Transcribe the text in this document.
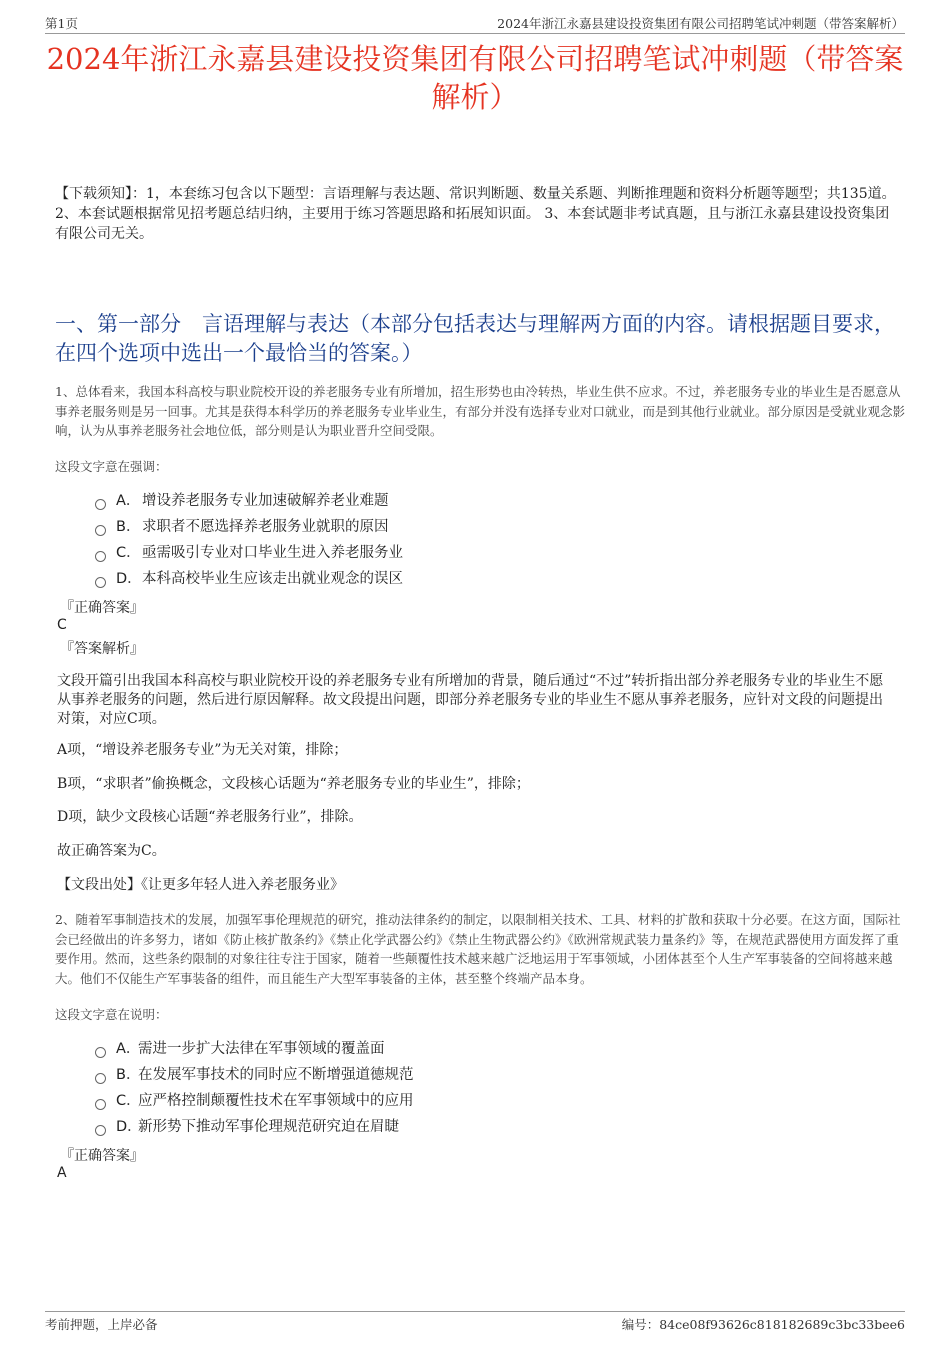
第1页	2024年浙江永嘉县建设投资集团有限公司招聘笔试冲刺题（带答案解析）
2024年浙江永嘉县建设投资集团有限公司招聘笔试冲刺题（带答案解析）
【下载须知】：1，本套练习包含以下题型：言语理解与表达题、常识判断题、数量关系题、判断推理题和资料分析题等题型；共135道。 2、本套试题根据常见招考题总结归纳，主要用于练习答题思路和拓展知识面。 3、本套试题非考试真题，且与浙江永嘉县建设投资集团有限公司无关。
一、第一部分　言语理解与表达（本部分包括表达与理解两方面的内容。请根据题目要求，在四个选项中选出一个最恰当的答案。）
1、总体看来，我国本科高校与职业院校开设的养老服务专业有所增加，招生形势也由冷转热，毕业生供不应求。不过，养老服务专业的毕业生是否愿意从事养老服务则是另一回事。尤其是获得本科学历的养老服务专业毕业生，有部分并没有选择专业对口就业，而是到其他行业就业。部分原因是受就业观念影响，认为从事养老服务社会地位低，部分则是认为职业晋升空间受限。
这段文字意在强调：
A． 增设养老服务专业加速破解养老业难题
B． 求职者不愿选择养老服务业就职的原因
C． 亟需吸引专业对口毕业生进入养老服务业
D． 本科高校毕业生应该走出就业观念的误区
『正确答案』
C
『答案解析』
文段开篇引出我国本科高校与职业院校开设的养老服务专业有所增加的背景，随后通过“不过”转折指出部分养老服务专业的毕业生不愿从事养老服务的问题，然后进行原因解释。故文段提出问题，即部分养老服务专业的毕业生不愿从事养老服务，应针对文段的问题提出对策，对应C项。
A项，“增设养老服务专业”为无关对策，排除；
B项，“求职者”偷换概念，文段核心话题为“养老服务专业的毕业生”，排除；
D项，缺少文段核心话题“养老服务行业”，排除。
故正确答案为C。
【文段出处】《让更多年轻人进入养老服务业》
2、随着军事制造技术的发展，加强军事伦理规范的研究，推动法律条约的制定，以限制相关技术、工具、材料的扩散和获取十分必要。在这方面，国际社会已经做出的许多努力，诸如《防止核扩散条约》《禁止化学武器公约》《禁止生物武器公约》《欧洲常规武装力量条约》等，在规范武器使用方面发挥了重要作用。然而，这些条约限制的对象往往专注于国家，随着一些颠覆性技术越来越广泛地运用于军事领域，小团体甚至个人生产军事装备的空间将越来越大。他们不仅能生产军事装备的组件，而且能生产大型军事装备的主体，甚至整个终端产品本身。
这段文字意在说明：
A．
需进一步扩大法律在军事领域的覆盖面
B．
在发展军事技术的同时应不断增强道德规范
C．
应严格控制颠覆性技术在军事领域中的应用
D．
新形势下推动军事伦理规范研究迫在眉睫
『正确答案』
A
考前押题，上岸必备	编号：84ce08f93626c818182689c3bc33bee6
